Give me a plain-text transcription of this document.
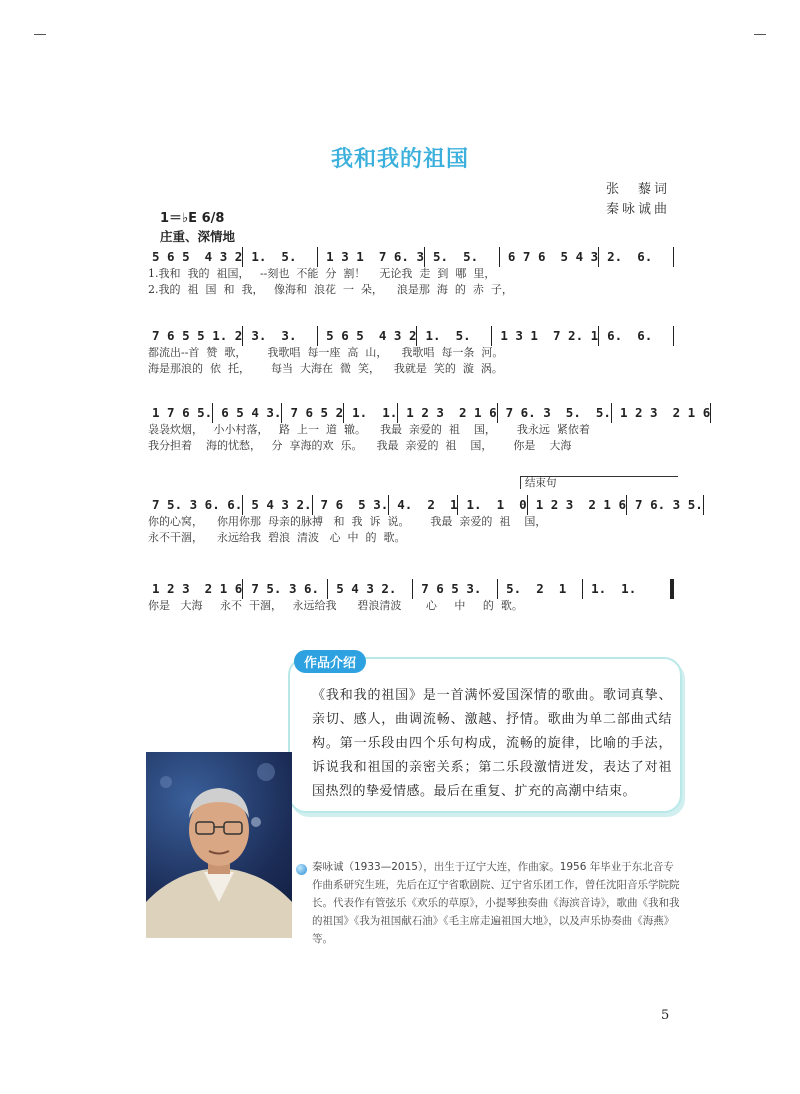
我和我的祖国
张　藜词
秦咏诚曲
1＝♭E 6/8
庄重、深情地
5 6 5  4 3 2 1.  5.	1 3 1  7 6. 3 5.  5.	6 7 6  5 4 3 2.  6.
1.我和  我的  祖国，   --刻也  不能  分  割！    无论我  走  到  哪  里，
2.我的  祖  国  和  我，   像海和  浪花  一  朵，    浪是那  海  的  赤  子，
7 6 5 5 1. 2 3.  3.	5 6 5  4 3 2 1.  5.	1 3 1  7 2. 1 6.  6.
都流出--首  赞  歌，      我歌唱  每一座  高  山，    我歌唱  每一条  河。
海是那浪的  依  托，      每当  大海在  微  笑，    我就是  笑的  漩  涡。
1 7 6 5. 6 5 4 3. 7 6 5 2 1.  1. 1 2 3  2 1 6 7 6. 3  5.  5. 1 2 3  2 1 6
袅袅炊烟，   小小村落，   路  上一  道  辙。    我最  亲爱的  祖    国，      我永远  紧依着
我分担着    海的忧愁，   分  享海的欢  乐。    我最  亲爱的  祖    国，      你是    大海
7 5. 3 6. 6. 5 4 3 2. 7 6  5 3. 4.  2  1 1.  1  0 1 2 3  2 1 6 7 6. 3 5.
你的心窝，    你用你那  母亲的脉搏   和  我  诉  说。      我最  亲爱的  祖    国，
永不干涸，    永远给我  碧浪  清波   心  中  的  歌。
1 2 3  2 1 6 7 5. 3 6.	5 4 3 2.	7 6 5 3.	5.  2  1	1.  1.
你是   大海     永不  干涸，   永远给我      碧浪清波       心     中     的  歌。
结束句
作品介绍
《我和我的祖国》是一首满怀爱国深情的歌曲。歌词真挚、亲切、感人，曲调流畅、激越、抒情。歌曲为单二部曲式结构。第一乐段由四个乐句构成，流畅的旋律，比喻的手法，诉说我和祖国的亲密关系；第二乐段激情迸发，表达了对祖国热烈的挚爱情感。最后在重复、扩充的高潮中结束。
秦咏诚（1933—2015），出生于辽宁大连，作曲家。1956 年毕业于东北音专作曲系研究生班，先后在辽宁省歌剧院、辽宁省乐团工作，曾任沈阳音乐学院院长。代表作有管弦乐《欢乐的草原》，小提琴独奏曲《海滨音诗》，歌曲《我和我的祖国》《我为祖国献石油》《毛主席走遍祖国大地》，以及声乐协奏曲《海燕》等。
5
